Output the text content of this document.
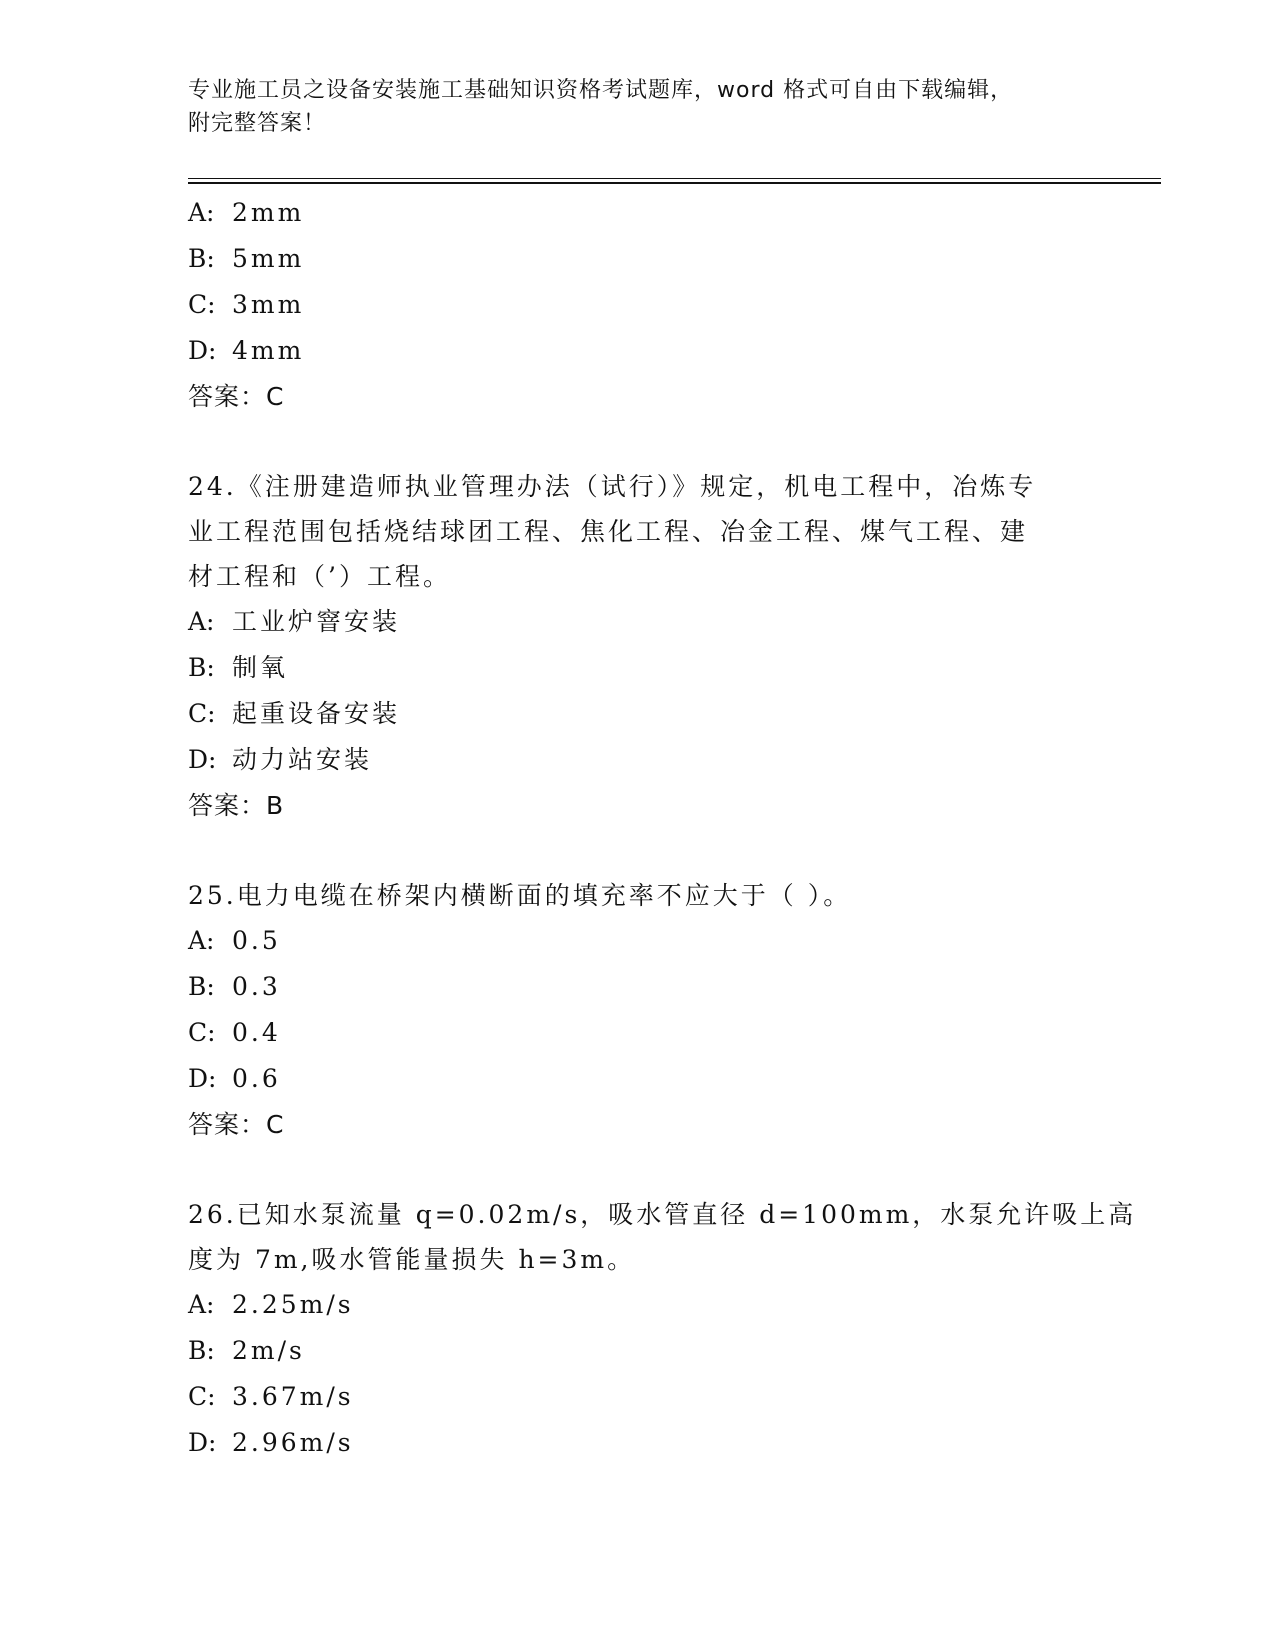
专业施工员之设备安装施工基础知识资格考试题库，word 格式可自由下载编辑，
附完整答案！
A: 2mm
B: 5mm
C: 3mm
D: 4mm
答案：C
24.《注册建造师执业管理办法（试行）》规定，机电工程中，冶炼专
业工程范围包括烧结球团工程、焦化工程、冶金工程、煤气工程、建
材工程和（’）工程。
A: 工业炉窨安装
B: 制氧
C: 起重设备安装
D: 动力站安装
答案：B
25.电力电缆在桥架内横断面的填充率不应大于（ ）。
A: 0.5
B: 0.3
C: 0.4
D: 0.6
答案：C
26.已知水泵流量 q=0.02m/s，吸水管直径 d=100mm，水泵允许吸上高
度为 7m,吸水管能量损失 h=3m。
A: 2.25m/s
B: 2m/s
C: 3.67m/s
D: 2.96m/s
